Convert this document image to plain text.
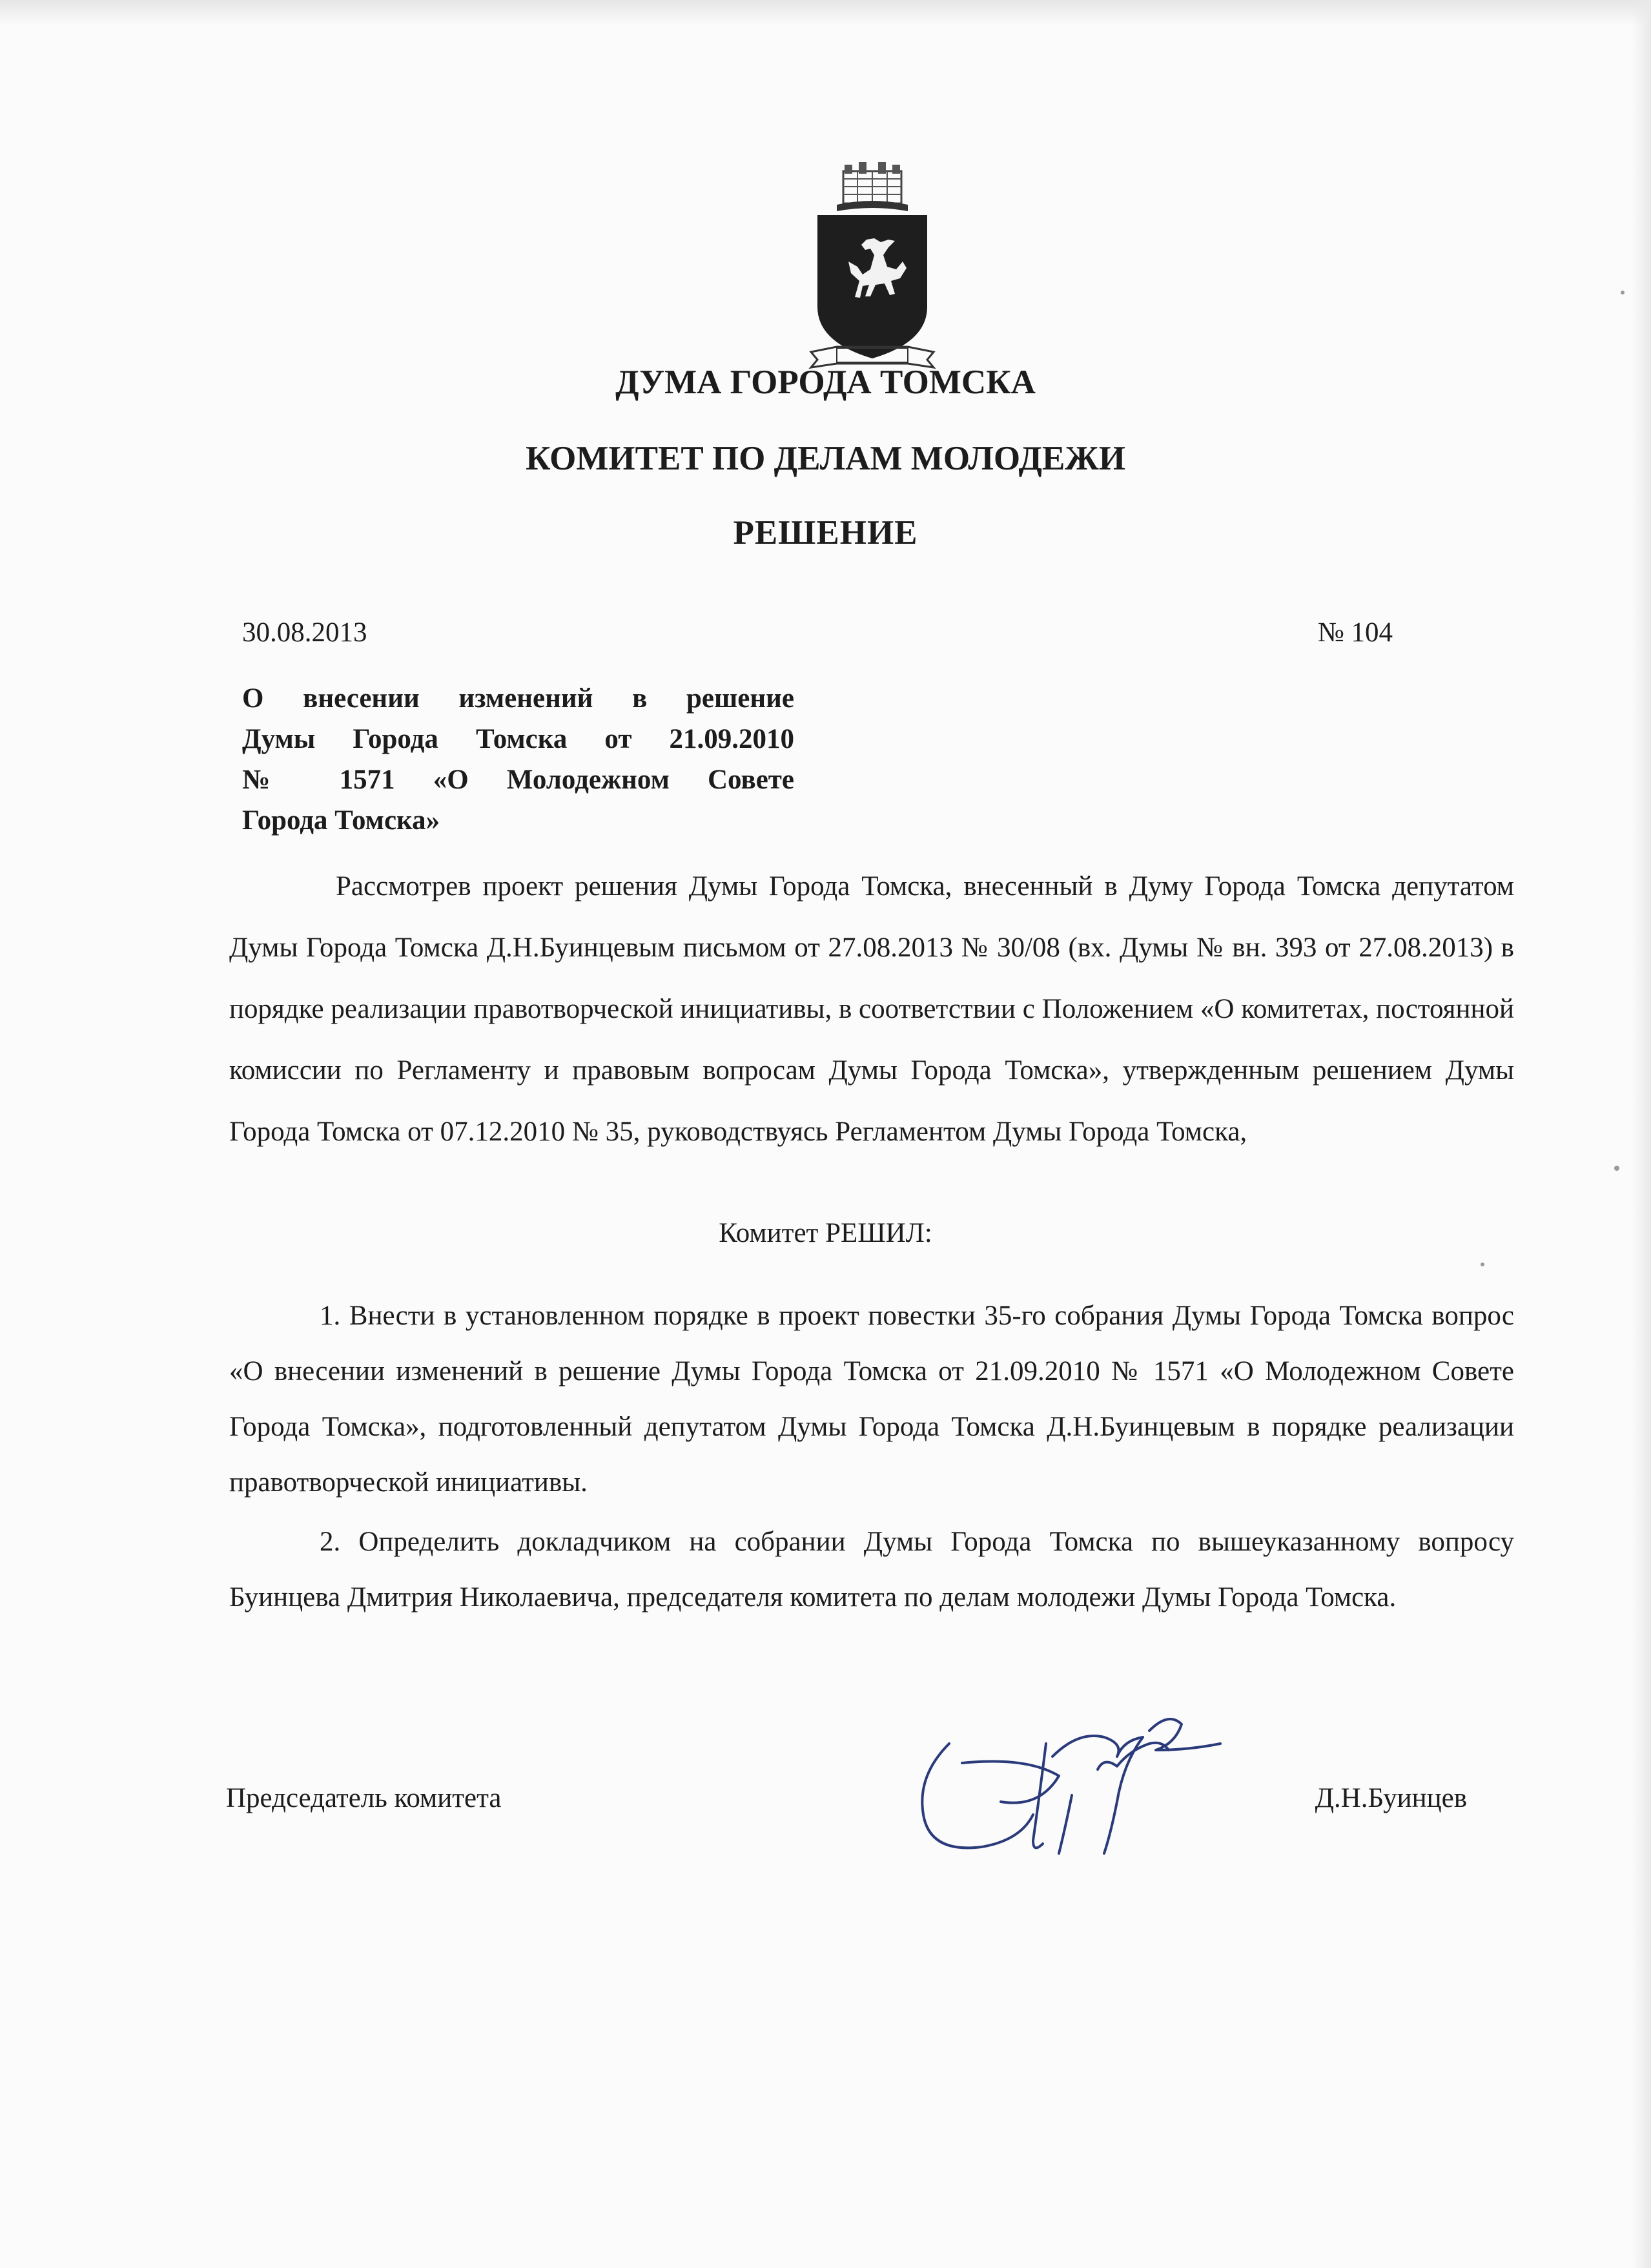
ДУМА ГОРОДА ТОМСКА
КОМИТЕТ ПО ДЕЛАМ МОЛОДЕЖИ
РЕШЕНИЕ
30.08.2013	№ 104
О внесении изменений в решение
Думы Города Томска от 21.09.2010
№ 1571 «О Молодежном Совете
Города Томска»
Рассмотрев проект решения Думы Города Томска, внесенный в Думу Города Томска депутатом Думы Города Томска Д.Н.Буинцевым письмом от 27.08.2013 № 30/08 (вх. Думы № вн. 393 от 27.08.2013) в порядке реализации правотворческой инициативы, в соответствии с Положением «О комитетах, постоянной комиссии по Регламенту и правовым вопросам Думы Города Томска», утвержденным решением Думы Города Томска от 07.12.2010 № 35, руководствуясь Регламентом Думы Города Томска,
Комитет РЕШИЛ:
1. Внести в установленном порядке в проект повестки 35-го собрания Думы Города Томска вопрос «О внесении изменений в решение Думы Города Томска от 21.09.2010 № 1571 «О Молодежном Совете Города Томска», подготовленный депутатом Думы Города Томска Д.Н.Буинцевым в порядке реализации правотворческой инициативы.
2. Определить докладчиком на собрании Думы Города Томска по вышеуказанному вопросу Буинцева Дмитрия Николаевича, председателя комитета по делам молодежи Думы Города Томска.
Председатель комитета	Д.Н.Буинцев
